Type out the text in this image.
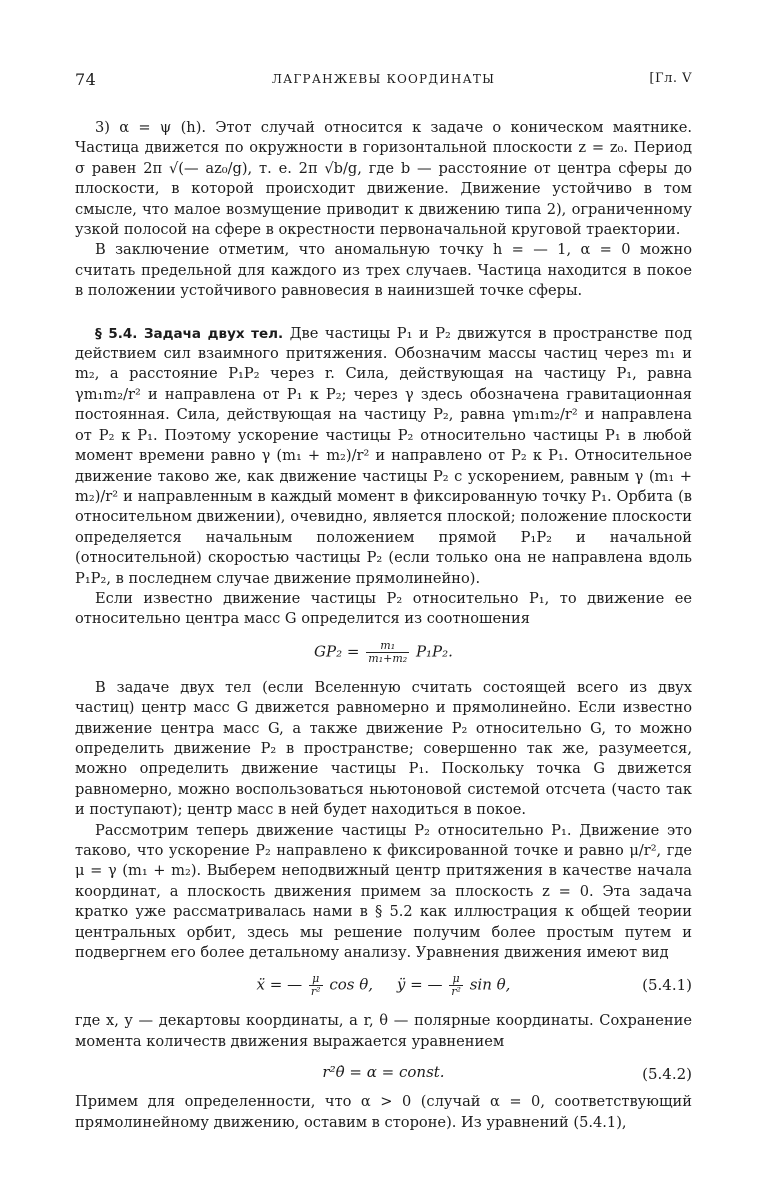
74	ЛАГРАНЖЕВЫ КООРДИНАТЫ	[Гл. V

3) α = ψ (h). Этот случай относится к задаче о коническом маятнике. Частица движется по окружности в горизонтальной плоскости z = z₀. Период σ равен 2π √(— az₀/g), т. е. 2π √b/g, где b — расстояние от центра сферы до плоскости, в которой происходит движение. Движение устойчиво в том смысле, что малое возмущение приводит к движению типа 2), ограниченному узкой полосой на сфере в окрестности первоначальной круговой траектории.

В заключение отметим, что аномальную точку h = — 1, α = 0 можно считать предельной для каждого из трех случаев. Частица находится в покое в положении устойчивого равновесия в наинизшей точке сферы.

§ 5.4. Задача двух тел. Две частицы P₁ и P₂ движутся в пространстве под действием сил взаимного притяжения. Обозначим массы частиц через m₁ и m₂, а расстояние P₁P₂ через r. Сила, действующая на частицу P₁, равна γm₁m₂/r² и направлена от P₁ к P₂; через γ здесь обозначена гравитационная постоянная. Сила, действующая на частицу P₂, равна γm₁m₂/r² и направлена от P₂ к P₁. Поэтому ускорение частицы P₂ относительно частицы P₁ в любой момент времени равно γ (m₁ + m₂)/r² и направлено от P₂ к P₁. Относительное движение таково же, как движение частицы P₂ с ускорением, равным γ (m₁ + m₂)/r² и направленным в каждый момент в фиксированную точку P₁. Орбита (в относительном движении), очевидно, является плоской; положение плоскости определяется начальным положением прямой P₁P₂ и начальной (относительной) скоростью частицы P₂ (если только она не направлена вдоль P₁P₂, в последнем случае движение прямолинейно).

Если известно движение частицы P₂ относительно P₁, то движение ее относительно центра масс G определится из соотношения

$GP_2 = \frac{\text{m₁}}{\text{m₁+m₂}} P_1P_2$.

В задаче двух тел (если Вселенную считать состоящей всего из двух частиц) центр масс G движется равномерно и прямолинейно. Если известно движение центра масс G, а также движение P₂ относительно G, то можно определить движение P₂ в пространстве; совершенно так же, разумеется, можно определить движение частицы P₁. Поскольку точка G движется равномерно, можно воспользоваться ньютоновой системой отсчета (часто так и поступают); центр масс в ней будет находиться в покое.

Рассмотрим теперь движение частицы P₂ относительно P₁. Движение это таково, что ускорение P₂ направлено к фиксированной точке и равно μ/r², где μ = γ (m₁ + m₂). Выберем неподвижный центр притяжения в качестве начала координат, а плоскость движения примем за плоскость z = 0. Эта задача кратко уже рассматривалась нами в § 5.2 как иллюстрация к общей теории центральных орбит, здесь мы решение получим более простым путем и подвергнем его более детальному анализу. Уравнения движения имеют вид

ẍ = — $\frac{\mu}{\text{r²}}$ cos θ, ÿ = — $\frac{\mu}{\text{r²}}$ sin θ,	(5.4.1)

где x, y — декартовы координаты, а r, θ — полярные координаты. Сохранение момента количеств движения выражается уравнением

r²θ̇ = α = const.	(5.4.2)

Примем для определенности, что α > 0 (случай α = 0, соответствующий прямолинейному движению, оставим в стороне). Из уравнений (5.4.1),
